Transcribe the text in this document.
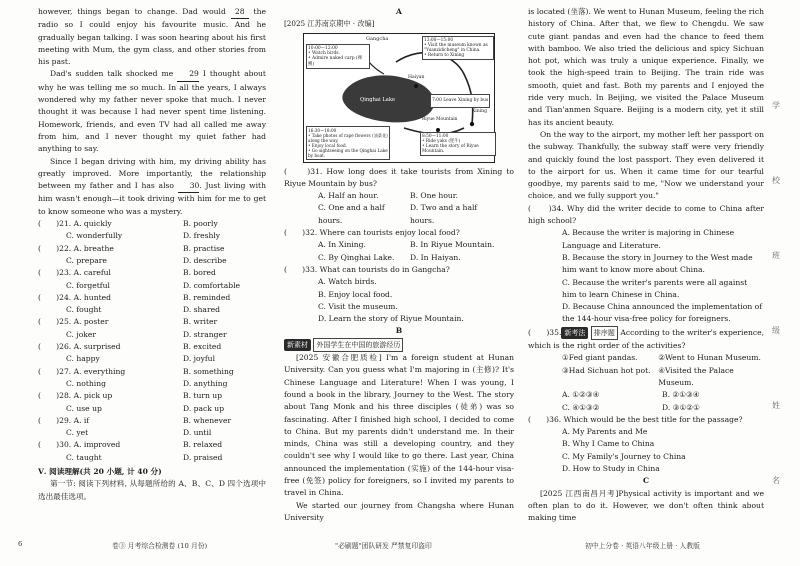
however, things began to change. Dad would 28 the radio so I could enjoy his favourite music. And he gradually began talking. I was soon hearing about his first meeting with Mum, the gym class, and other stories from his past.

Dad's sudden talk shocked me 29 I thought about why he was telling me so much. In all the years, I always wondered why my father never spoke that much. I never thought it was because I had never spent time listening. Homework, friends, and even TV had all called me away from him, and I never thought my quiet father had anything to say.

Since I began driving with him, my driving ability has greatly improved. More importantly, the relationship between my father and I has also 30. Just living with him wasn't enough—it took driving with him for me to get to know someone who was a mystery.

(　　)21. A. quickly	B. poorly
C. wonderfully	D. freshly
(　　)22. A. breathe	B. practise
C. prepare	D. describe
(　　)23. A. careful	B. bored
C. forgetful	D. comfortable
(　　)24. A. hunted	B. reminded
C. fought	D. shared
(　　)25. A. poster	B. writer
C. joker	D. stranger
(　　)26. A. surprised	B. excited
C. happy	D. joyful
(　　)27. A. everything	B. something
C. nothing	D. anything
(　　)28. A. pick up	B. turn up
C. use up	D. pack up
(　　)29. A. if	B. whenever
C. yet	D. until
(　　)30. A. improved	B. relaxed
C. taught	D. praised

Ⅴ. 阅读理解(共 20 小题, 计 40 分)

第一节: 阅读下列材料, 从每题所给的 A、B、C、D 四个选项中选出最佳选项。

A

[2025 江苏南京期中 · 改编]

Gangcha
10:00—12:00
• Watch birds.
• Admire naked carp (裸鲤)
13:00—15:00
• Visit the museum known as
"Yuanzidicheng" in China.
• Return to Xining
Haiyan
Qinghai Lake	7:00 Leave Xining by bus
Xining
Riyue Mountain
16:30—18:00
• Take photos of rape flowers (油菜花) along the way.
• Enjoy local food.
• Go sightseeing on the Qinghai Lake by boat.
8:50—11:00
• Ride yaks (牦牛)
• Learn the story of Riyue Mountain.

(　　)31. How long does it take tourists from Xining to Riyue Mountain by bus?

A. Half an hour.	B. One hour.
C. One and a half hours.
D. Two and a half hours.

(　　)32. Where can tourists enjoy local food?

A. In Xining.	B. In Riyue Mountain.
C. By Qinghai Lake.	D. In Haiyan.

(　　)33. What can tourists do in Gangcha?

A. Watch birds.
B. Enjoy local food.
C. Visit the museum.
D. Learn the story of Riyue Mountain.

B

新素材 外国学生在中国的旅游经历

[2025 安徽合肥质检] I'm a foreign student at Hunan University. Can you guess what I'm majoring in (主修)? It's Chinese Language and Literature! When I was young, I found a book in the library, Journey to the West. The story about Tang Monk and his three disciples (徒弟) was so fascinating. After I finished high school, I decided to come to China. But my parents didn't understand me. In their minds, China was still a developing country, and they couldn't see why I would like to go there. Last year, China announced the implementation (实施) of the 144-hour visa-free (免签) policy for foreigners, so I invited my parents to travel in China.

We started our journey from Changsha where Hunan University

is located (坐落). We went to Hunan Museum, feeling the rich history of China. After that, we flew to Chengdu. We saw cute giant pandas and even had the chance to feed them with bamboo. We also tried the delicious and spicy Sichuan hot pot, which was truly a unique experience. Finally, we took the high-speed train to Beijing. The train ride was smooth, quiet and fast. Both my parents and I enjoyed the ride very much. In Beijing, we visited the Palace Museum and Tian'anmen Square. Beijing is a modern city, yet it still has its ancient beauty.

On the way to the airport, my mother left her passport on the subway. Thankfully, the subway staff were very friendly and quickly found the lost passport. They even delivered it to the airport for us. When it came time for our tearful goodbye, my parents said to me, "Now we understand your choice, and we fully support you."

(　　)34. Why did the writer decide to come to China after high school?

A. Because the writer is majoring in Chinese Language and Literature.
B. Because the story in Journey to the West made him want to know more about China.
C. Because the writer's parents were all against him to learn Chinese in China.
D. Because China announced the implementation of the 144-hour visa-free policy for foreigners.

(　　)35. 新考法 排序题 According to the writer's experience, which is the right order of the activities?

①Fed giant pandas.	②Went to Hunan Museum.
③Had Sichuan hot pot.	④Visited the Palace Museum.
A. ①②③④	B. ②①③④
C. ④①③②	D. ③①②①

(　　)36. Which would be the best title for the passage?

A. My Parents and Me
B. Why I Came to China
C. My Family's Journey to China
D. How to Study in China

C

[2025 江西南昌月考]Physical activity is important and we often plan to do it. However, we don't often think about making time

学
校
班
级
姓
名
6	卷③ 月考综合检测卷 (10 月份)	"必刷题"团队研发 严禁复印盗印	初中上分卷 · 英语八年级上册 · 人教版
